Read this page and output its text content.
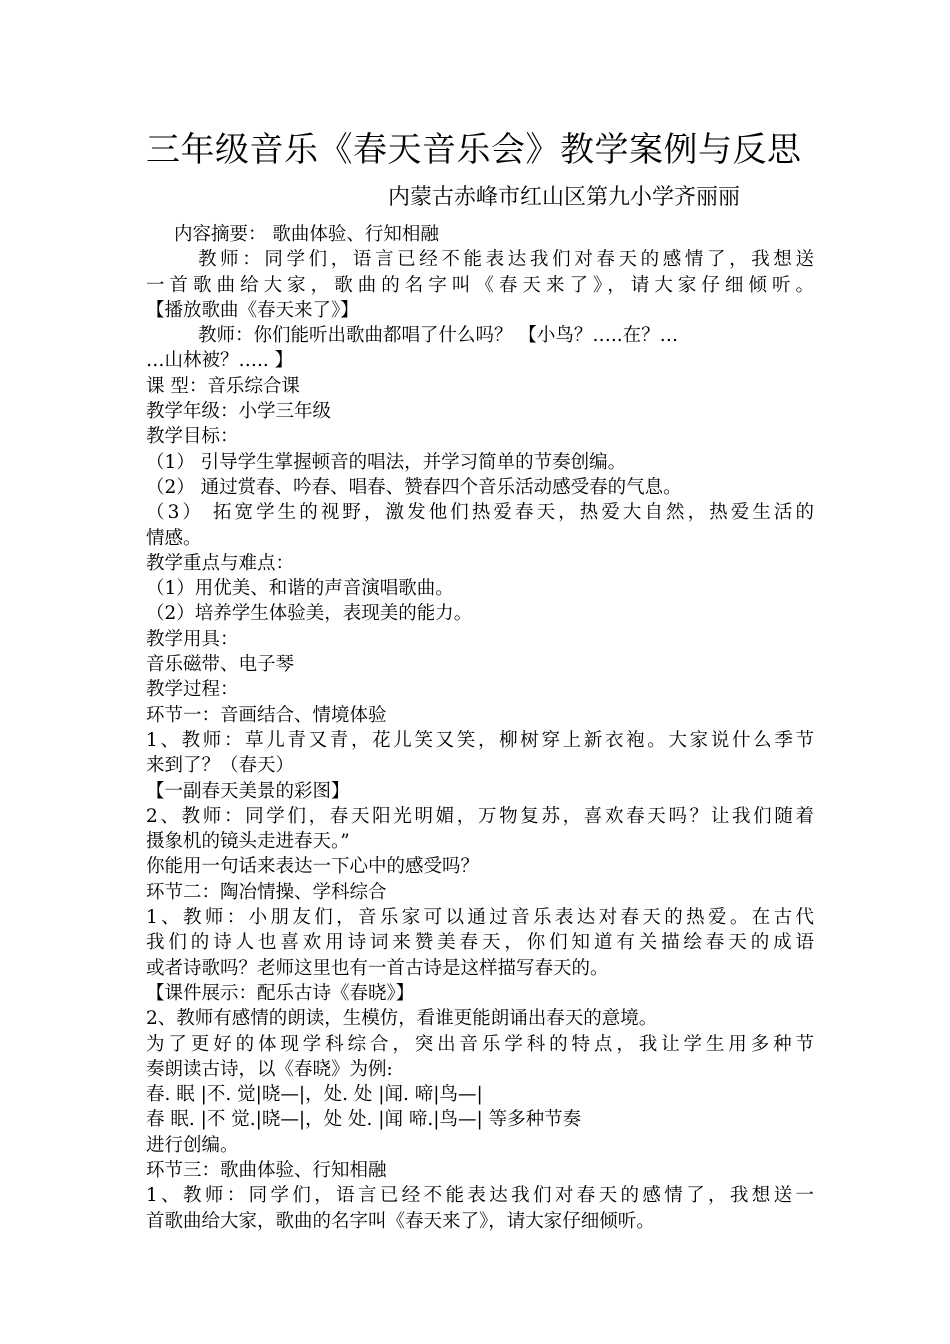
三年级音乐《春天音乐会》教学案例与反思
内蒙古赤峰市红山区第九小学齐丽丽
内容摘要： 歌曲体验、行知相融
教师：同学们，语言已经不能表达我们对春天的感情了，我想送
一首歌曲给大家，歌曲的名字叫《春天来了》，请大家仔细倾听。
【播放歌曲《春天来了》】
教师：你们能听出歌曲都唱了什么吗？ 【小鸟？…..在？…
…山林被？….. 】
课 型：音乐综合课
教学年级：小学三年级
教学目标：
（1） 引导学生掌握顿音的唱法，并学习简单的节奏创编。
（2） 通过赏春、吟春、唱春、赞春四个音乐活动感受春的气息。
（3） 拓宽学生的视野，激发他们热爱春天，热爱大自然，热爱生活的
情感。
教学重点与难点：
（1）用优美、和谐的声音演唱歌曲。
（2）培养学生体验美，表现美的能力。
教学用具：
音乐磁带、电子琴
教学过程：
环节一：音画结合、情境体验
1、教师：草儿青又青，花儿笑又笑，柳树穿上新衣袍。大家说什么季节
来到了？（春天）
【一副春天美景的彩图】
2、教师：同学们，春天阳光明媚，万物复苏，喜欢春天吗？让我们随着
摄象机的镜头走进春天。”
你能用一句话来表达一下心中的感受吗？
环节二：陶冶情操、学科综合
1、教师：小朋友们，音乐家可以通过音乐表达对春天的热爱。在古代
我们的诗人也喜欢用诗词来赞美春天，你们知道有关描绘春天的成语
或者诗歌吗？老师这里也有一首古诗是这样描写春天的。
【课件展示：配乐古诗《春晓》】
2、教师有感情的朗读，生模仿，看谁更能朗诵出春天的意境。
为了更好的体现学科综合，突出音乐学科的特点，我让学生用多种节
奏朗读古诗，以《春晓》为例:
春. 眠 |不. 觉|晓—|，处. 处 |闻. 啼|鸟—|
春 眠. |不 觉.|晓—|，处 处. |闻 啼.|鸟—| 等多种节奏
进行创编。
环节三：歌曲体验、行知相融
1、教师：同学们，语言已经不能表达我们对春天的感情了，我想送一
首歌曲给大家，歌曲的名字叫《春天来了》，请大家仔细倾听。
